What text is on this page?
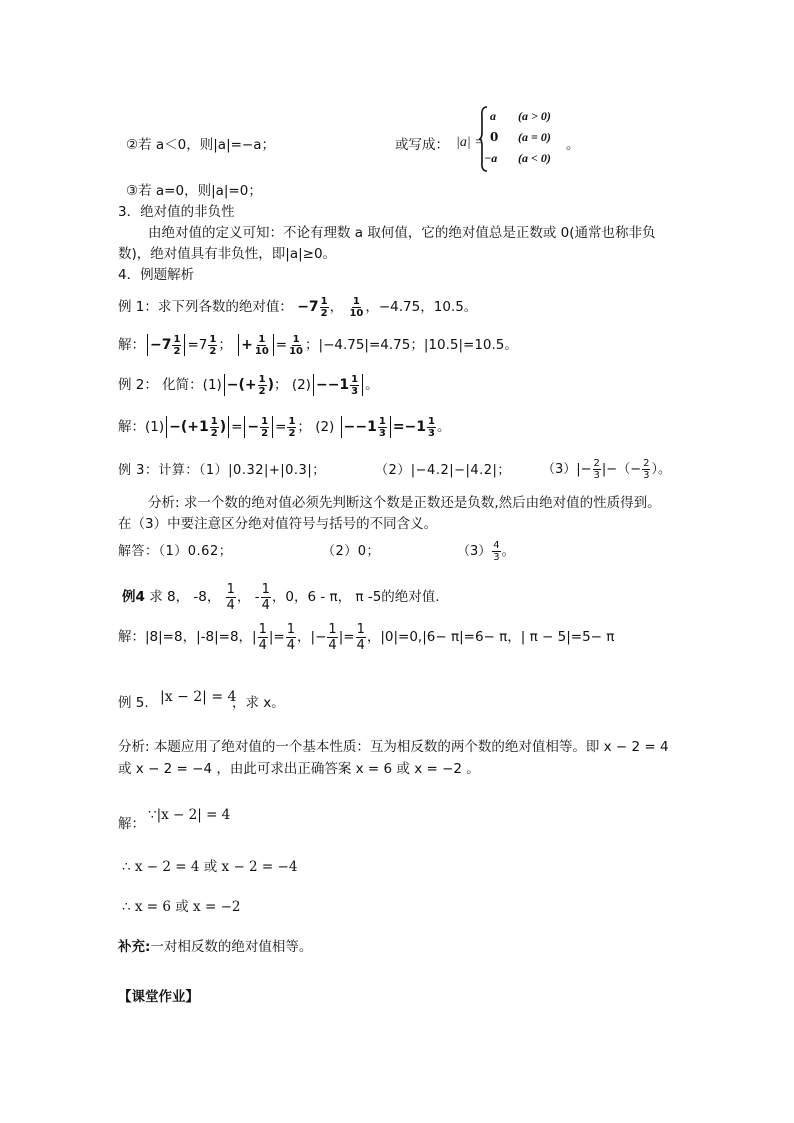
②若 a＜0，则|a|=−a；	或写成： |a| =
a (a > 0)
0 (a = 0)
−a (a < 0)
。
③若 a=0，则|a|=0；
3．绝对值的非负性
由绝对值的定义可知：不论有理数 a 取何值，它的绝对值总是正数或 0(通常也称非负
数)，绝对值具有非负性，即|a|≥0。
4．例题解析
例 1：求下列各数的绝对值： $-7 \frac{1}{2}$ ， $\frac{1}{10}$ ，−4.75，10.5。
解： $-7 \frac{1}{2} =7 \frac{1}{2}$ ； + $\frac{1}{10} = \frac{1}{10}$ ；|−4.75|=4.75；|10.5|=10.5。
例 2： 化简：(1) −(+ $\frac{1}{2}$ )； $(2) --1 \frac{1}{3}$ 。
解：$(1) -(+1 \frac{1}{2}$ ) = − $\frac{1}{2} = \frac{1}{2}$ ； $(2) --1 \frac{1}{3} =-1 \frac{1}{3}$ 。
例 3：计算：（1）|0.32|+|0.3|；	（2）|−4.2|−|4.2|； $(3)|- \frac{2}{3}$ |−（− $\frac{2}{3}$ ）。
分析: 求一个数的绝对值必须先判断这个数是正数还是负数,然后由绝对值的性质得到。
在（3）中要注意区分绝对值符号与括号的不同含义。
解答：（1）0.62；	（2）0；	$(3) \frac{4}{3}$ 。
例4 求 8， -8， $\frac{1}{4}$ ， - $\frac{1}{4}$ ，0，6 - π， π -5的绝对值.
解：|8|=8，|-8|=8，| $\frac{1}{4}$ |= $\frac{1}{4}$ ，|− $\frac{1}{4}$ |= $\frac{1}{4}$ ，|0|=0,|6− π|=6− π，| π − 5|=5− π
例 5. |x − 2| = 4
，求 x。
分析: 本题应用了绝对值的一个基本性质：互为相反数的两个数的绝对值相等。即 x − 2 = 4
或 x − 2 = −4 ，由此可求出正确答案 x = 6 或 x = −2 。
解：
∵|x − 2| = 4
∴ x − 2 = 4 或 x − 2 = −4
∴ x = 6 或 x = −2
补充:一对相反数的绝对值相等。
【课堂作业】
